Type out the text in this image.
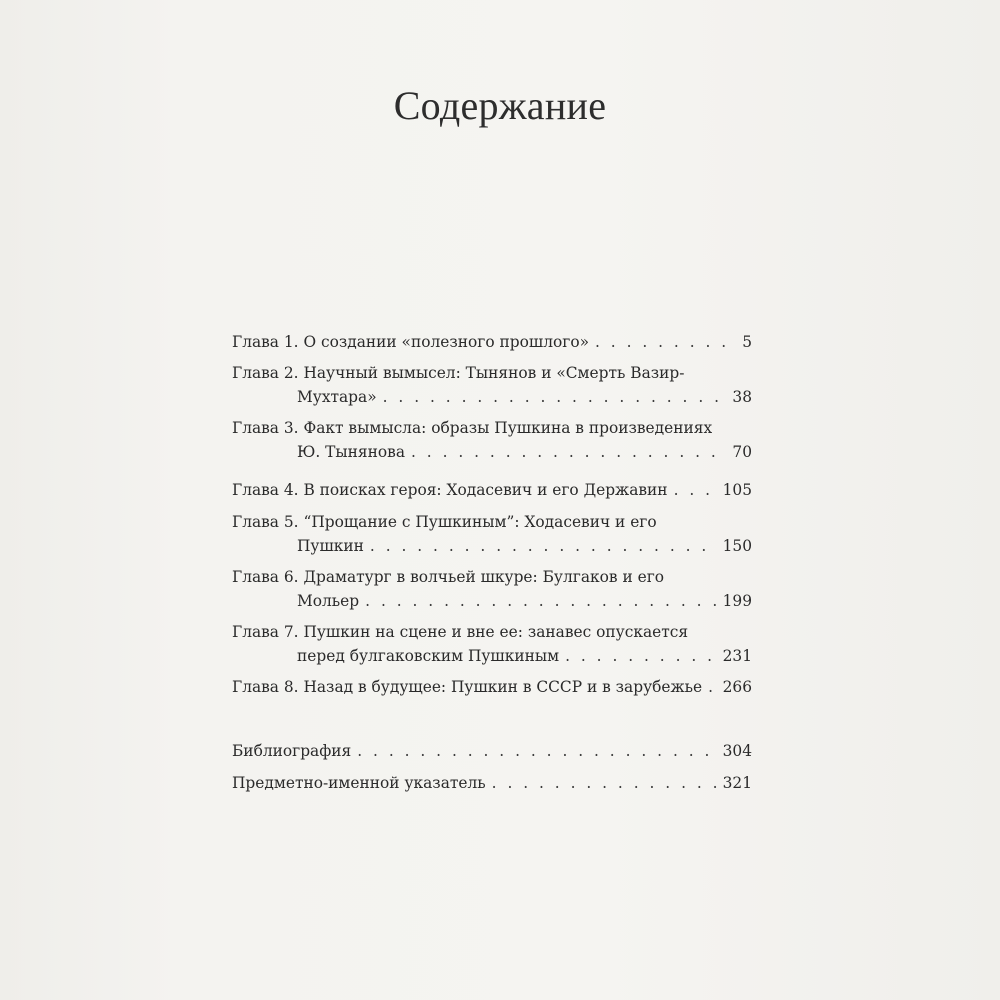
Содержание
Глава 1. О создании «полезного прошлого» . . .	5
Глава 2. Научный вымысел: Тынянов и «Смерть Вазир-
Мухтара» . . .	38
Глава 3. Факт вымысла: образы Пушкина в произведениях
Ю. Тынянова . . .	70
Глава 4. В поисках героя: Ходасевич и его Державин . . .	105
Глава 5. “Прощание с Пушкиным”: Ходасевич и его
Пушкин . . .	150
Глава 6. Драматург в волчьей шкуре: Булгаков и его
Мольер . . .	199
Глава 7. Пушкин на сцене и вне ее: занавес опускается
перед булгаковским Пушкиным . . .	231
Глава 8. Назад в будущее: Пушкин в СССР и в зарубежье . . . 266
Библиография . . .	304
Предметно-именной указатель . . .	321
